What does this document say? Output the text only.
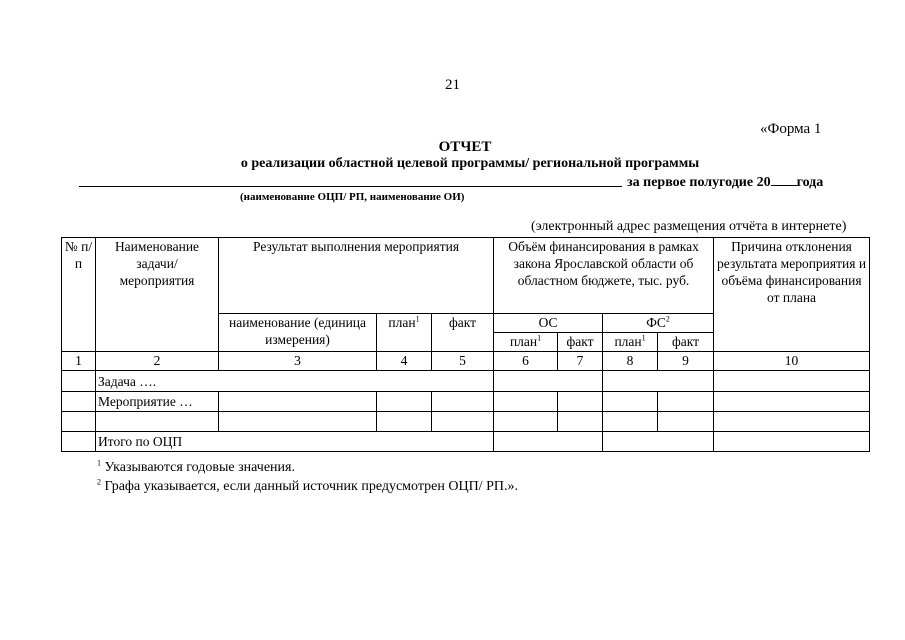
21
«Форма 1
ОТЧЕТ
о реализации областной целевой программы/ региональной программы
за первое полугодие 20 года
(наименование ОЦП/ РП, наименование ОИ)
(электронный адрес размещения отчёта в интернете)
№ п/п	Наименование задачи/ мероприятия	Результат выполнения мероприятия			Объём финансирования в рамках закона Ярославской области об областном бюджете, тыс. руб.				Причина отклонения результата мероприятия и объёма финансирования от плана
		наименование (единица измерения)	план$^1$	факт	ОС		$ФС^2$
					план$^1$	факт	план$^1$	факт	
1	2	3	4	5	6	7	8	9	10
	Задача ….								
	Мероприятие …								

	Итого по ОЦП								
$^1$ Указываются годовые значения.
$^2$ Графа указывается, если данный источник предусмотрен ОЦП/ РП.».
